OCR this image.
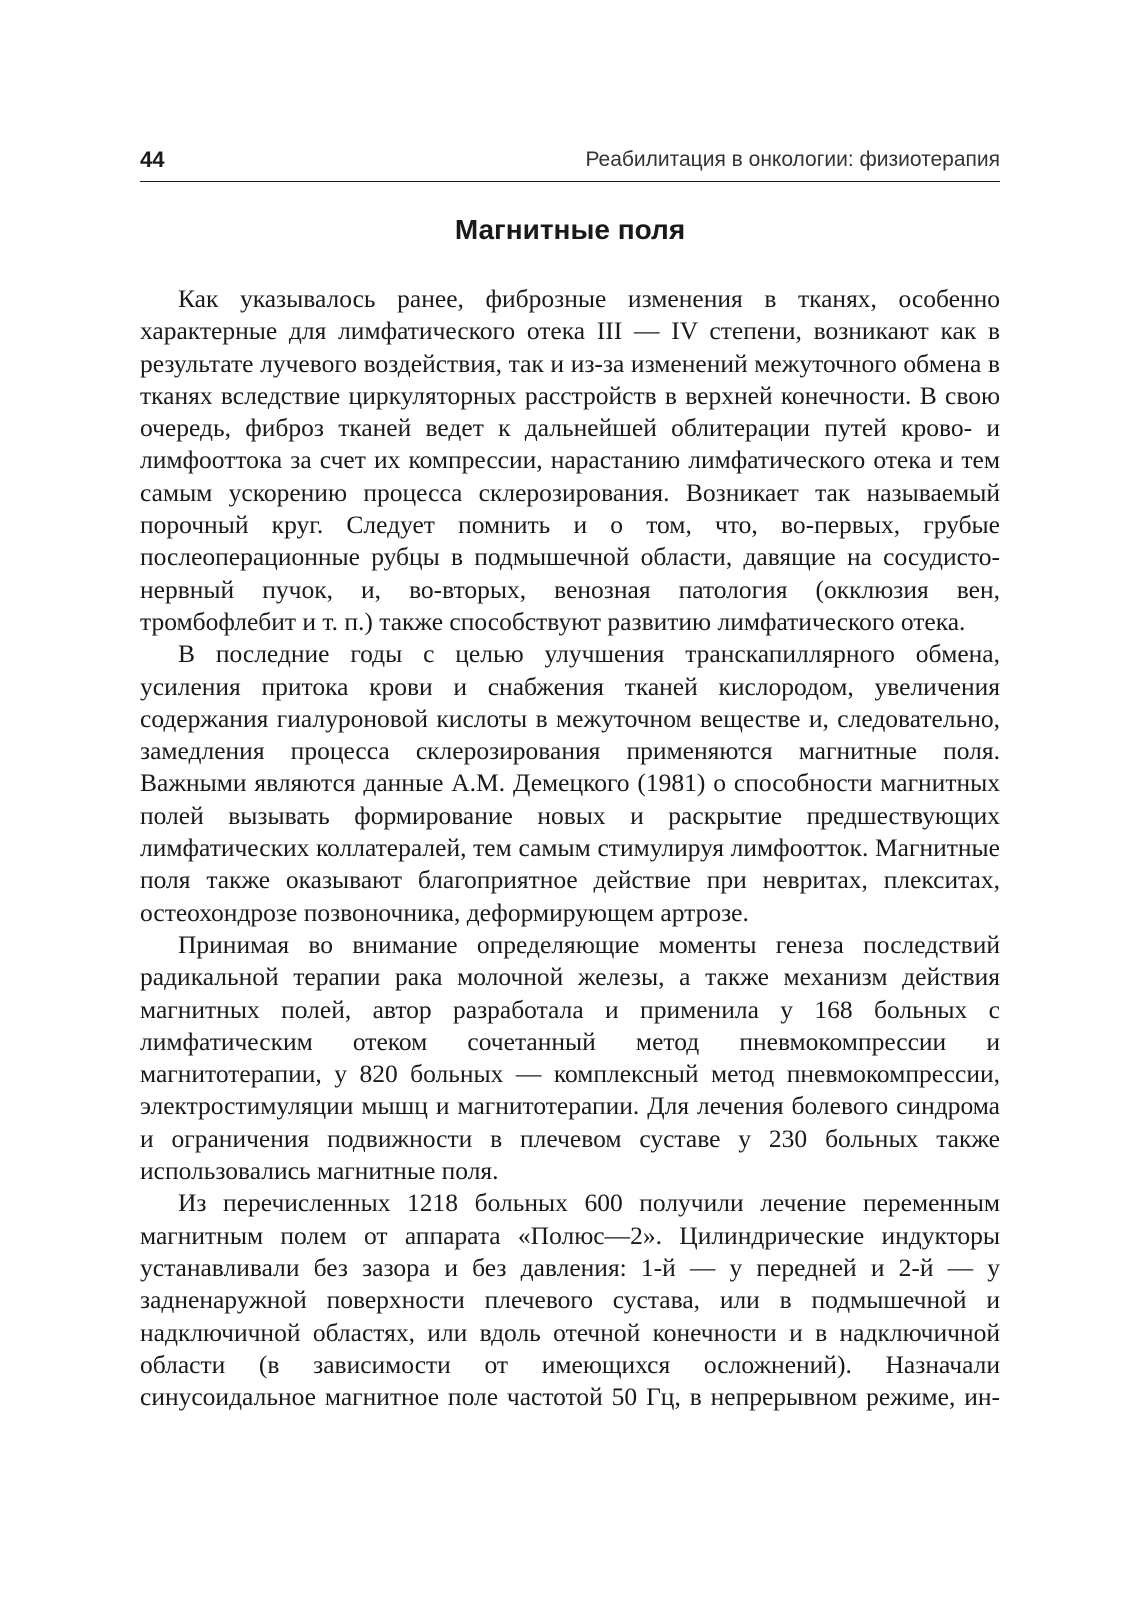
44	Реабилитация в онкологии: физиотерапия
Магнитные поля

Как указывалось ранее, фиброзные изменения в тканях, особенно характерные для лимфатического отека III — IV степени, возникают как в результате лучевого воздействия, так и из-за изменений межуточного обмена в тканях вследствие циркуляторных расстройств в верхней конечности. В свою очередь, фиброз тканей ведет к дальнейшей облитерации путей крово- и лимфооттока за счет их компрессии, нарастанию лимфатического отека и тем самым ускорению процесса склерозирования. Возникает так называемый порочный круг. Следует помнить и о том, что, во-первых, грубые послеоперационные рубцы в подмышечной области, давящие на сосудисто-нервный пучок, и, во-вторых, венозная патология (окклюзия вен, тромбофлебит и т. п.) также способствуют развитию лимфатического отека.

В последние годы с целью улучшения транскапиллярного обмена, усиления притока крови и снабжения тканей кислородом, увеличения содержания гиалуроновой кислоты в межуточном веществе и, следовательно, замедления процесса склерозирования применяются магнитные поля. Важными являются данные А.М. Демецкого (1981) о способности магнитных полей вызывать формирование новых и раскрытие предшествующих лимфатических коллатералей, тем самым стимулируя лимфоотток. Магнитные поля также оказывают благоприятное действие при невритах, плекситах, остеохондрозе позвоночника, деформирующем артрозе.

Принимая во внимание определяющие моменты генеза последствий радикальной терапии рака молочной железы, а также механизм действия магнитных полей, автор разработала и применила у 168 больных с лимфатическим отеком сочетанный метод пневмокомпрессии и магнитотерапии, у 820 больных — комплексный метод пневмокомпрессии, электростимуляции мышц и магнитотерапии. Для лечения болевого синдрома и ограничения подвижности в плечевом суставе у 230 больных также использовались магнитные поля.

Из перечисленных 1218 больных 600 получили лечение переменным магнитным полем от аппарата «Полюс—2». Цилиндрические индукторы устанавливали без зазора и без давления: 1-й — у передней и 2-й — у задненаружной поверхности плечевого сустава, или в подмышечной и надключичной областях, или вдоль отечной конечности и в надключичной области (в зависимости от имеющихся осложнений). Назначали синусоидальное магнитное поле частотой 50 Гц, в непрерывном режиме, ин-
